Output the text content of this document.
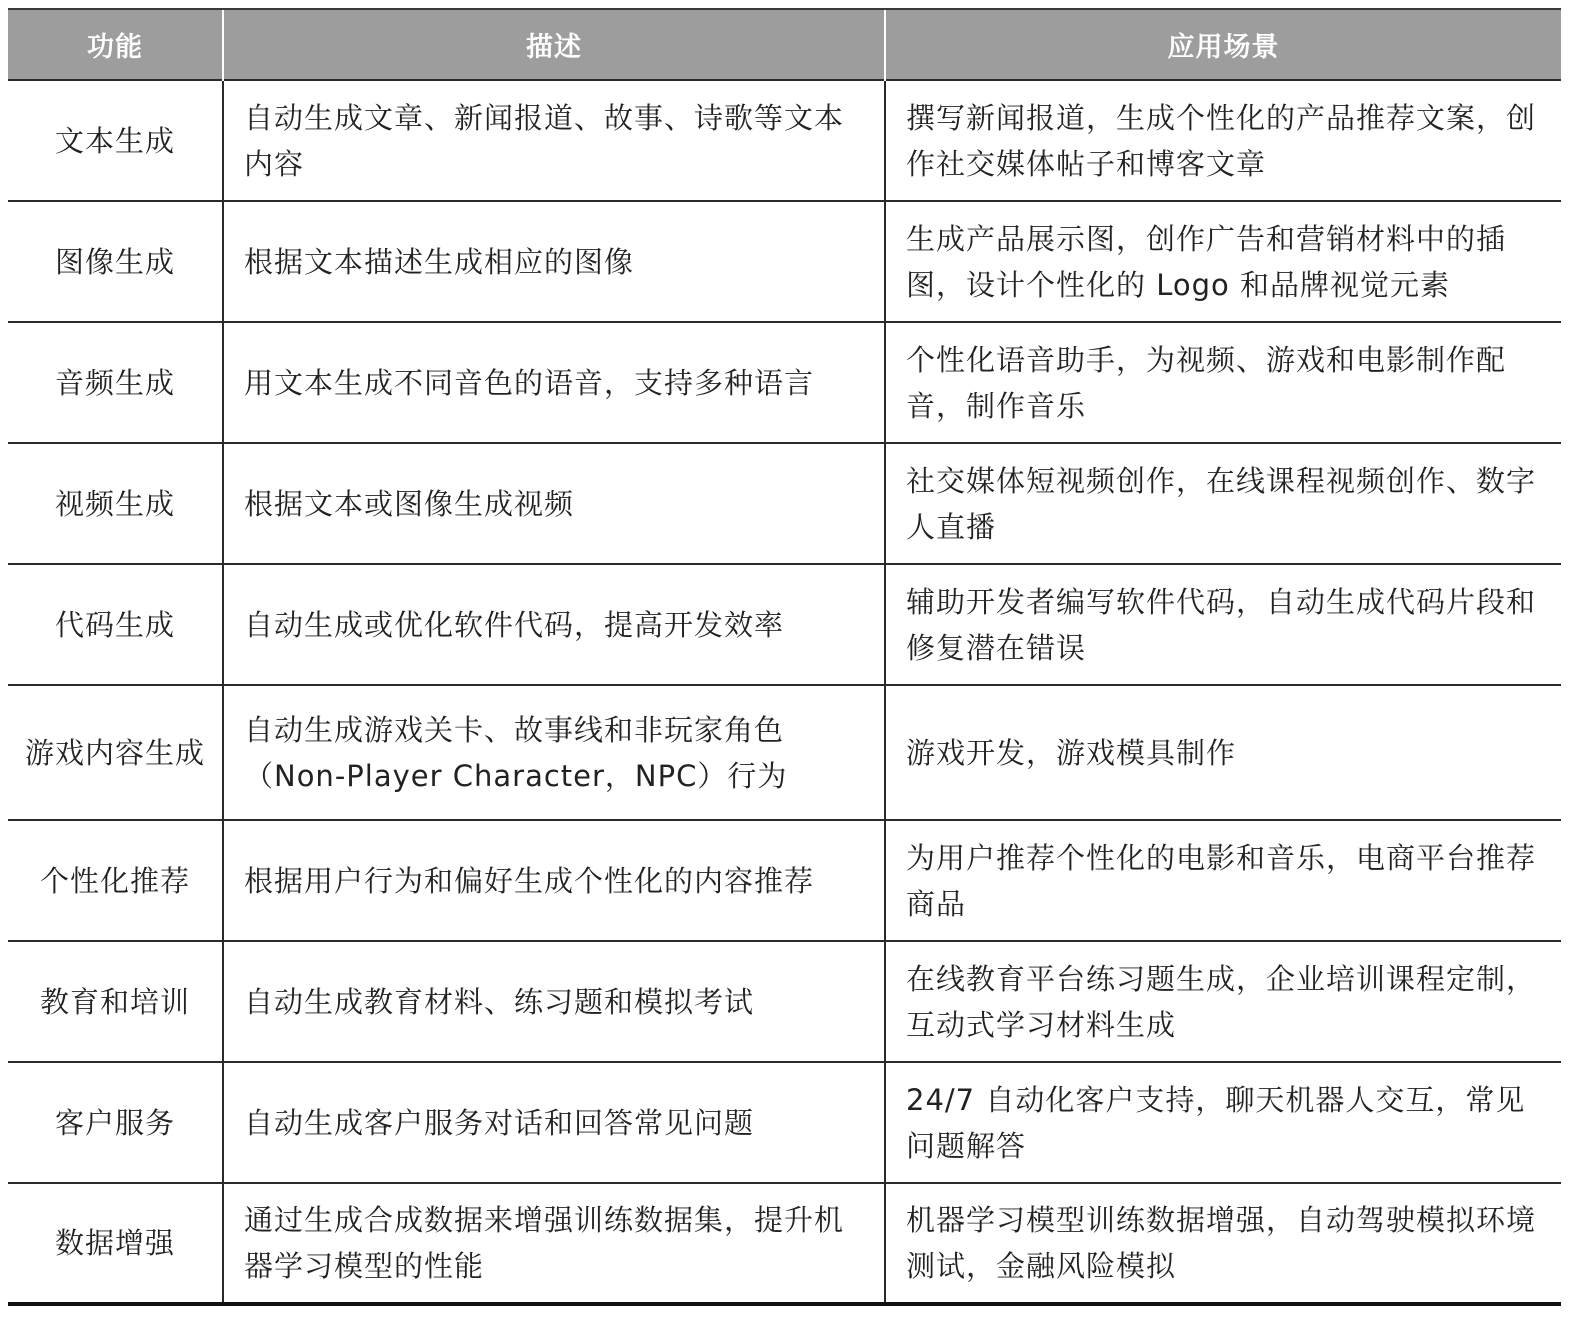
功能	描述	应用场景
文本生成	自动生成文章、新闻报道、故事、诗歌等文本内容	撰写新闻报道，生成个性化的产品推荐文案，创作社交媒体帖子和博客文章
图像生成	根据文本描述生成相应的图像	生成产品展示图，创作广告和营销材料中的插图，设计个性化的 Logo 和品牌视觉元素
音频生成	用文本生成不同音色的语音，支持多种语言	个性化语音助手，为视频、游戏和电影制作配音，制作音乐
视频生成	根据文本或图像生成视频	社交媒体短视频创作，在线课程视频创作、数字人直播
代码生成	自动生成或优化软件代码，提高开发效率	辅助开发者编写软件代码，自动生成代码片段和修复潜在错误
游戏内容生成	自动生成游戏关卡、故事线和非玩家角色（Non-Player Character，NPC）行为	游戏开发，游戏模具制作
个性化推荐	根据用户行为和偏好生成个性化的内容推荐	为用户推荐个性化的电影和音乐，电商平台推荐商品
教育和培训	自动生成教育材料、练习题和模拟考试	在线教育平台练习题生成，企业培训课程定制，互动式学习材料生成
客户服务	自动生成客户服务对话和回答常见问题	24/7 自动化客户支持，聊天机器人交互，常见问题解答
数据增强	通过生成合成数据来增强训练数据集，提升机器学习模型的性能	机器学习模型训练数据增强，自动驾驶模拟环境测试，金融风险模拟
